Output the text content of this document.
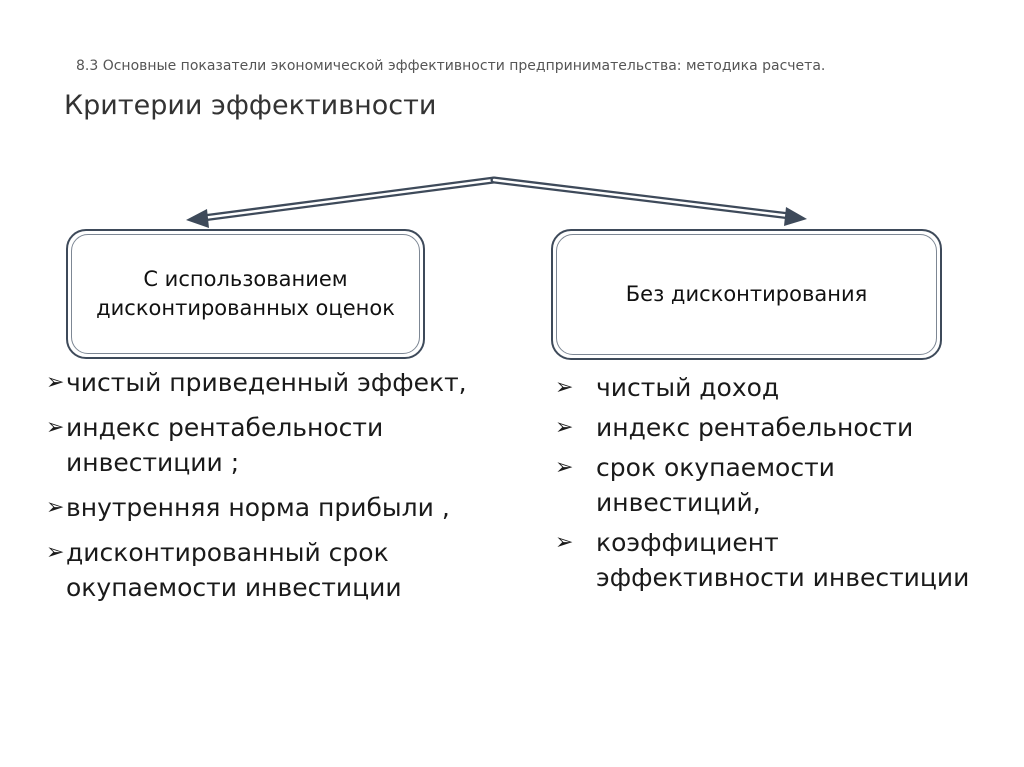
8.3 Основные показатели экономической эффективности предпринимательства: методика расчета.
Критерии эффективности
С использованием дисконтированных оценок
Без дисконтирования
➢ чистый приведенный эффект,
➢ индекс рентабельности инвестиции ;
➢ внутренняя норма прибыли ,
➢ дисконтированный срок окупаемости инвестиции
➢ чистый доход
➢ индекс рентабельности
➢ срок окупаемости инвестиций,
➢ коэффициент эффективности инвестиции
